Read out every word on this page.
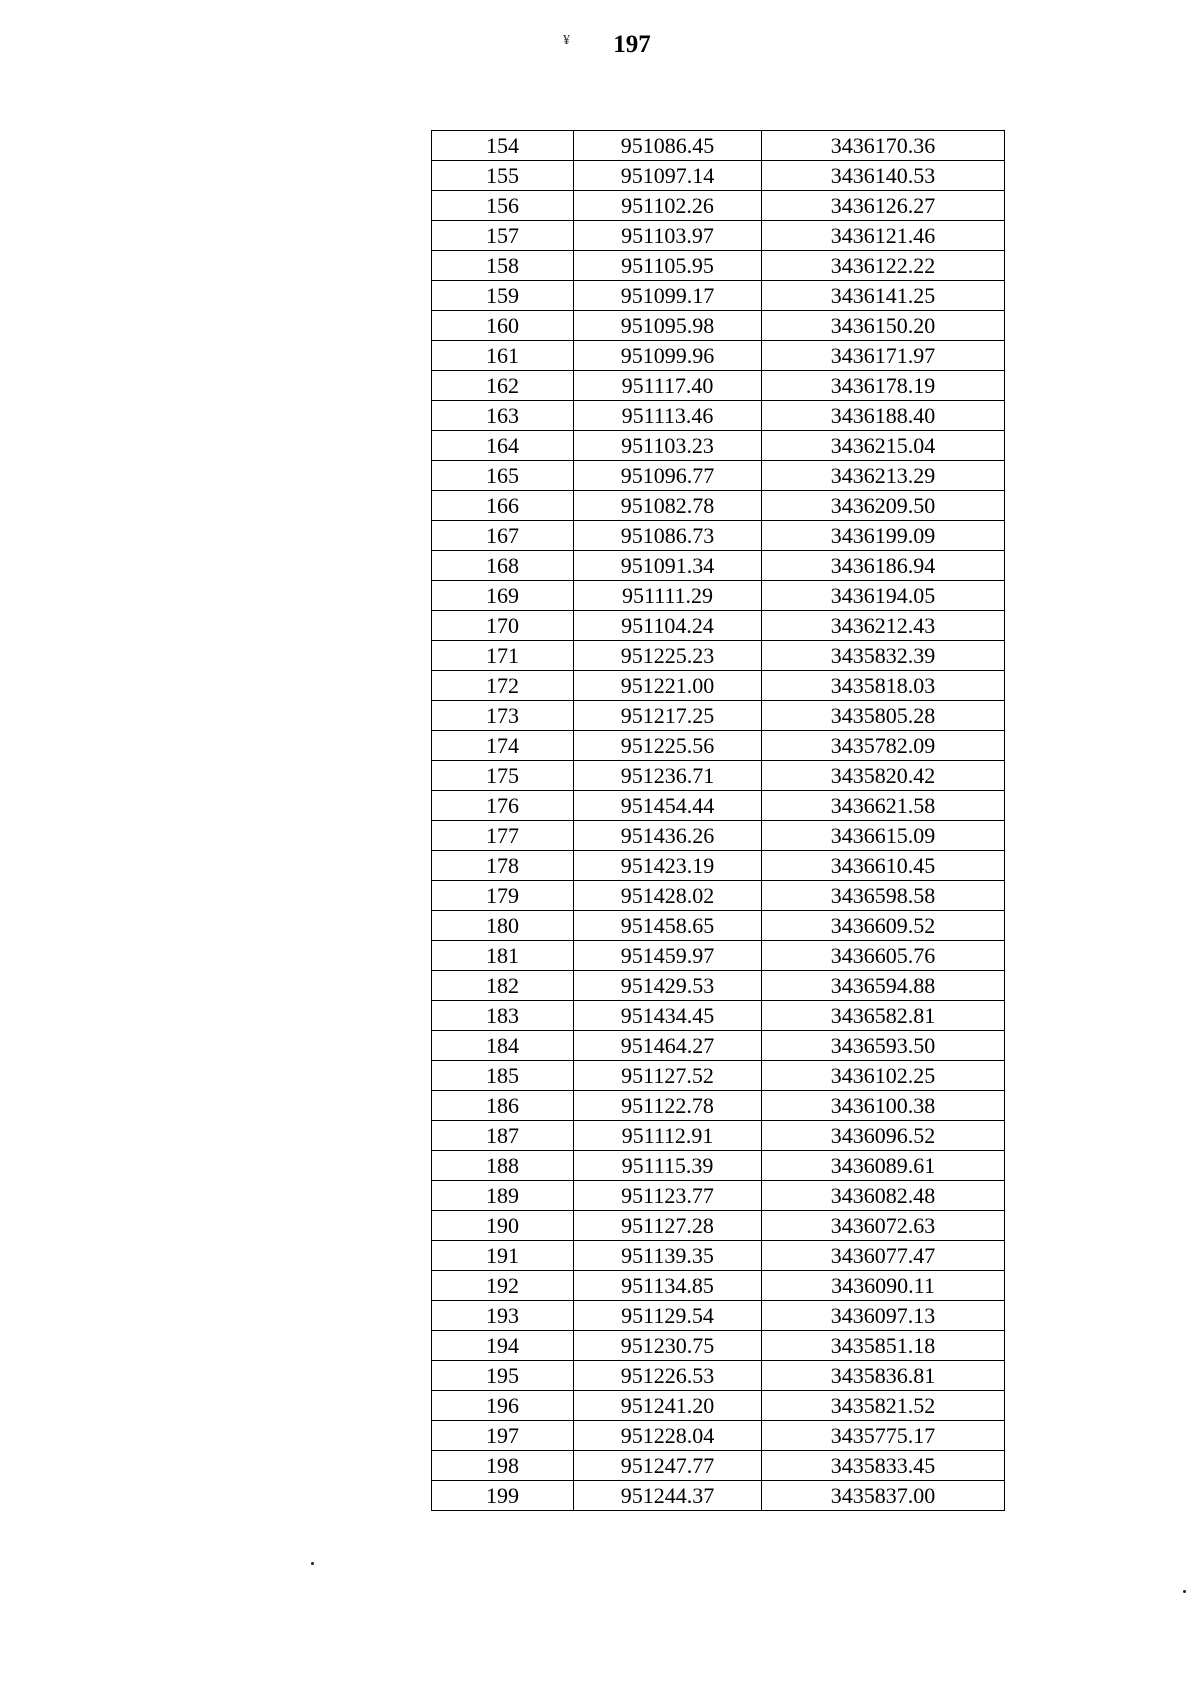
¥	197
154	951086.45	3436170.36
155	951097.14	3436140.53
156	951102.26	3436126.27
157	951103.97	3436121.46
158	951105.95	3436122.22
159	951099.17	3436141.25
160	951095.98	3436150.20
161	951099.96	3436171.97
162	951117.40	3436178.19
163	951113.46	3436188.40
164	951103.23	3436215.04
165	951096.77	3436213.29
166	951082.78	3436209.50
167	951086.73	3436199.09
168	951091.34	3436186.94
169	951111.29	3436194.05
170	951104.24	3436212.43
171	951225.23	3435832.39
172	951221.00	3435818.03
173	951217.25	3435805.28
174	951225.56	3435782.09
175	951236.71	3435820.42
176	951454.44	3436621.58
177	951436.26	3436615.09
178	951423.19	3436610.45
179	951428.02	3436598.58
180	951458.65	3436609.52
181	951459.97	3436605.76
182	951429.53	3436594.88
183	951434.45	3436582.81
184	951464.27	3436593.50
185	951127.52	3436102.25
186	951122.78	3436100.38
187	951112.91	3436096.52
188	951115.39	3436089.61
189	951123.77	3436082.48
190	951127.28	3436072.63
191	951139.35	3436077.47
192	951134.85	3436090.11
193	951129.54	3436097.13
194	951230.75	3435851.18
195	951226.53	3435836.81
196	951241.20	3435821.52
197	951228.04	3435775.17
198	951247.77	3435833.45
199	951244.37	3435837.00
